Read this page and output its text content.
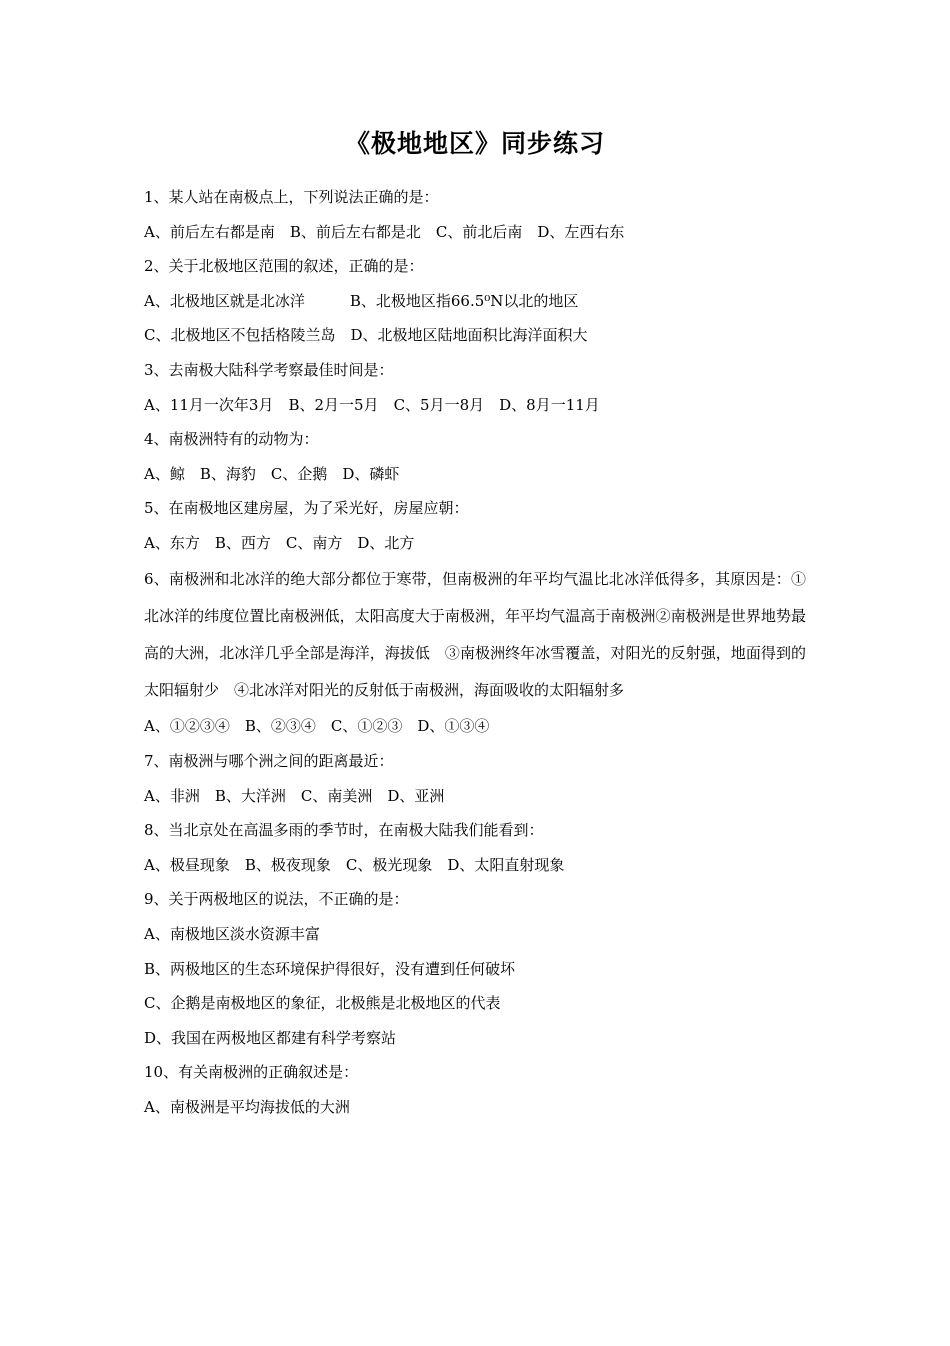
《极地地区》同步练习

1、某人站在南极点上，下列说法正确的是：

A、前后左右都是南　B、前后左右都是北　C、前北后南　D、左西右东

2、关于北极地区范围的叙述，正确的是：

A、北极地区就是北冰洋　　　B、北极地区指66.5⁰N以北的地区

C、北极地区不包括格陵兰岛　D、北极地区陆地面积比海洋面积大

3、去南极大陆科学考察最佳时间是：

A、11月一次年3月　B、2月一5月　C、5月一8月　D、8月一11月

4、南极洲特有的动物为：

A、鲸　B、海豹　C、企鹅　D、磷虾

5、在南极地区建房屋，为了采光好，房屋应朝：

A、东方　B、西方　C、南方　D、北方

6、南极洲和北冰洋的绝大部分都位于寒带，但南极洲的年平均气温比北冰洋低得多，其原因是：①北冰洋的纬度位置比南极洲低，太阳高度大于南极洲，年平均气温高于南极洲②南极洲是世界地势最高的大洲，北冰洋几乎全部是海洋，海拔低　③南极洲终年冰雪覆盖，对阳光的反射强，地面得到的太阳辐射少　④北冰洋对阳光的反射低于南极洲，海面吸收的太阳辐射多

A、①②③④　B、②③④　C、①②③　D、①③④

7、南极洲与哪个洲之间的距离最近：

A、非洲　B、大洋洲　C、南美洲　D、亚洲

8、当北京处在高温多雨的季节时，在南极大陆我们能看到：

A、极昼现象　B、极夜现象　C、极光现象　D、太阳直射现象

9、关于两极地区的说法，不正确的是：

A、南极地区淡水资源丰富

B、两极地区的生态环境保护得很好，没有遭到任何破坏

C、企鹅是南极地区的象征，北极熊是北极地区的代表

D、我国在两极地区都建有科学考察站

10、有关南极洲的正确叙述是：

A、南极洲是平均海拔低的大洲
